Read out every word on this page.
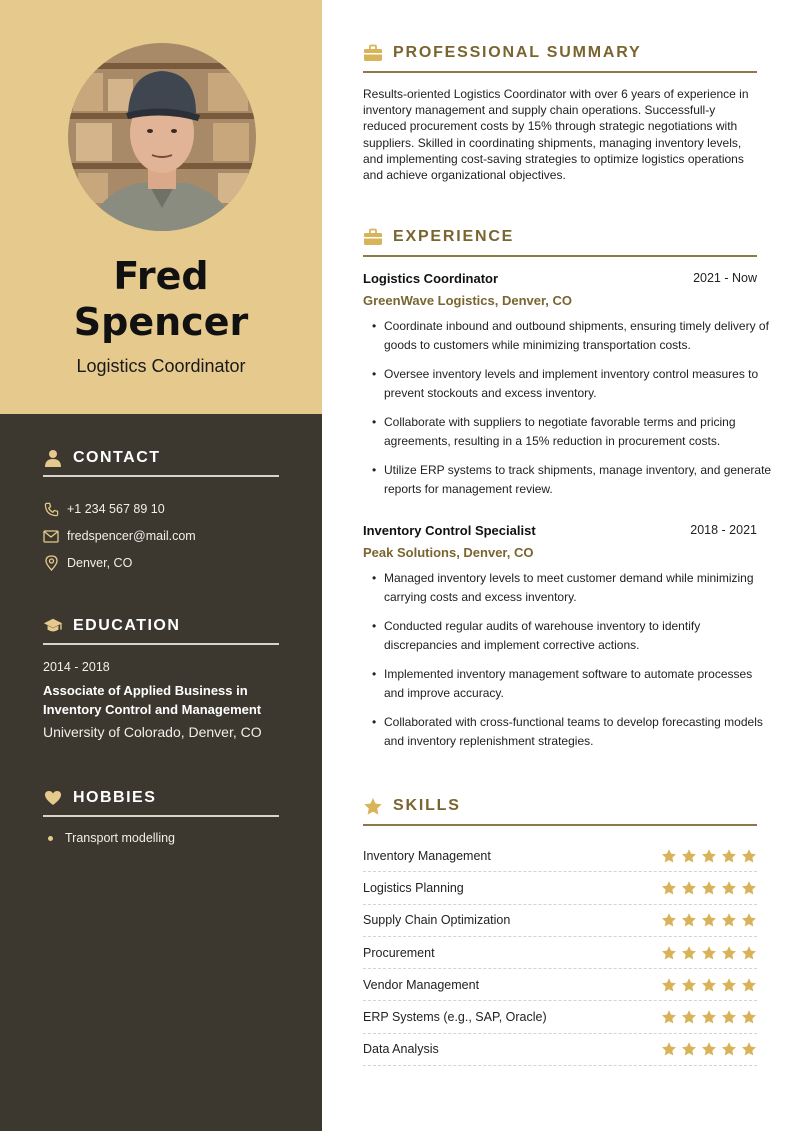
Fred
Spencer
Logistics Coordinator
CONTACT
+1 234 567 89 10
fredspencer@mail.com
Denver, CO
EDUCATION
2014 - 2018
Associate of Applied Business in Inventory Control and Management
University of Colorado, Denver, CO
HOBBIES
Transport modelling
PROFESSIONAL SUMMARY
Results-oriented Logistics Coordinator with over 6 years of experience in inventory management and supply chain operations. Successfull-y reduced procurement costs by 15% through strategic negotiations with suppliers. Skilled in coordinating shipments, managing inventory levels, and implementing cost-saving strategies to optimize logistics operations and achieve organizational objectives.
EXPERIENCE
Logistics Coordinator	2021 - Now
GreenWave Logistics, Denver, CO
• Coordinate inbound and outbound shipments, ensuring timely delivery of goods to customers while minimizing transportation costs.
• Oversee inventory levels and implement inventory control measures to prevent stockouts and excess inventory.
• Collaborate with suppliers to negotiate favorable terms and pricing agreements, resulting in a 15% reduction in procurement costs.
• Utilize ERP systems to track shipments, manage inventory, and generate reports for management review.
Inventory Control Specialist	2018 - 2021
Peak Solutions, Denver, CO
• Managed inventory levels to meet customer demand while minimizing carrying costs and excess inventory.
• Conducted regular audits of warehouse inventory to identify discrepancies and implement corrective actions.
• Implemented inventory management software to automate processes and improve accuracy.
• Collaborated with cross-functional teams to develop forecasting models and inventory replenishment strategies.
SKILLS
Inventory Management
Logistics Planning
Supply Chain Optimization
Procurement
Vendor Management
ERP Systems (e.g., SAP, Oracle)
Data Analysis
